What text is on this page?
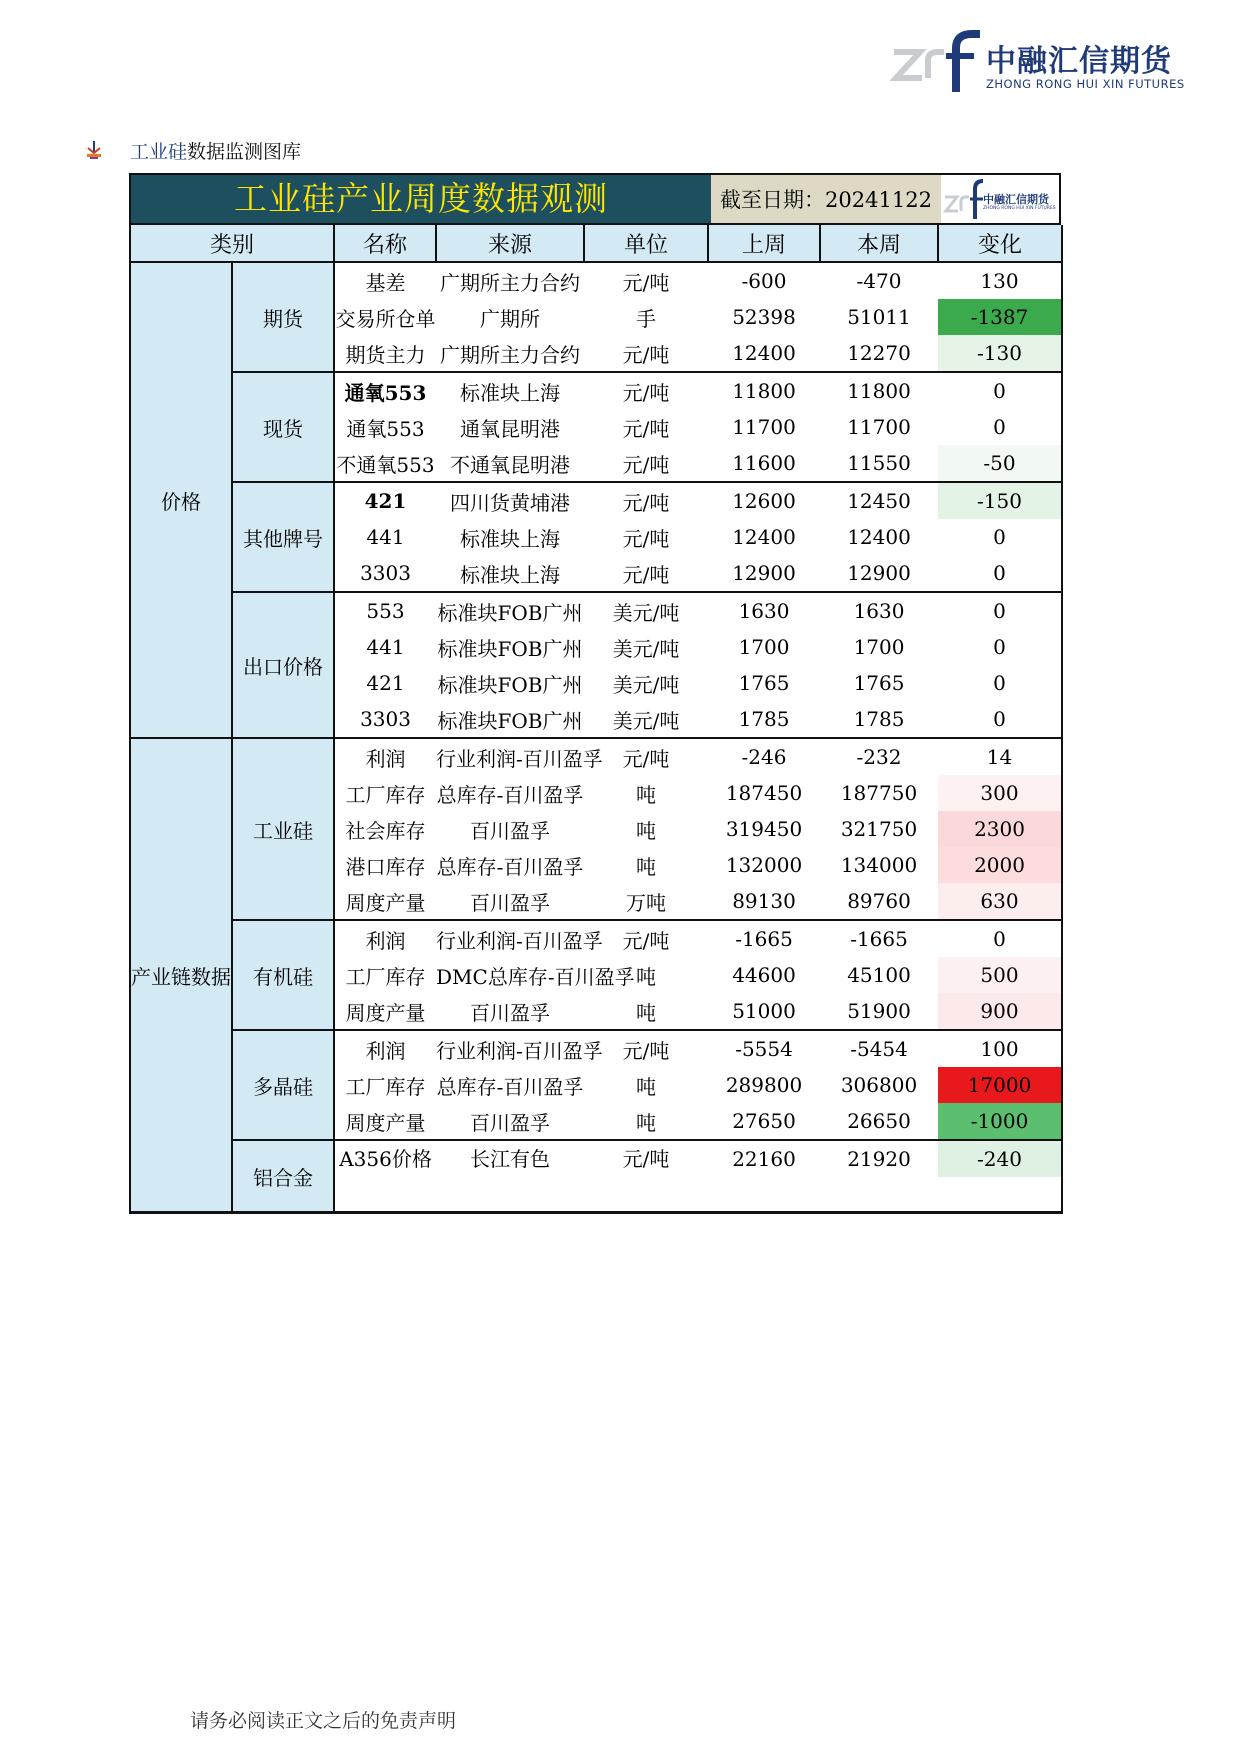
中融汇信期货
ZHONG RONG HUI XIN FUTURES
工业硅数据监测图库
工业硅产业周度数据观测	截至日期：20241122	中融汇信期货
ZHONG RONG HUI XIN FUTURES
类别		名称	来源	单位	上周	本周	变化
价格	期货	基差	广期所主力合约	元/吨	-600	-470	130
		交易所仓单	广期所	手	52398	51011	-1387
		期货主力	广期所主力合约	元/吨	12400	12270	-130
	现货	通氧553	标准块上海	元/吨	11800	11800	0
		通氧553	通氧昆明港	元/吨	11700	11700	0
		不通氧553	不通氧昆明港	元/吨	11600	11550	-50
	其他牌号	421	四川货黄埔港	元/吨	12600	12450	-150
		441	标准块上海	元/吨	12400	12400	0
		3303	标准块上海	元/吨	12900	12900	0
	出口价格	553	标准块FOB广州	美元/吨	1630	1630	0
		441	标准块FOB广州	美元/吨	1700	1700	0
		421	标准块FOB广州	美元/吨	1765	1765	0
		3303	标准块FOB广州	美元/吨	1785	1785	0
产业链数据	工业硅	利润	行业利润-百川盈孚	元/吨	-246	-232	14
		工厂库存	总库存-百川盈孚	吨	187450	187750	300
		社会库存	百川盈孚	吨	319450	321750	2300
		港口库存	总库存-百川盈孚	吨	132000	134000	2000
		周度产量	百川盈孚	万吨	89130	89760	630
	有机硅	利润	行业利润-百川盈孚	元/吨	-1665	-1665	0
		工厂库存	DMC总库存-百川盈孚	吨	44600	45100	500
		周度产量	百川盈孚	吨	51000	51900	900
	多晶硅	利润	行业利润-百川盈孚	元/吨	-5554	-5454	100
		工厂库存	总库存-百川盈孚	吨	289800	306800	17000
		周度产量	百川盈孚	吨	27650	26650	-1000
	铝合金	A356价格	长江有色	元/吨	22160	21920	-240
请务必阅读正文之后的免责声明
